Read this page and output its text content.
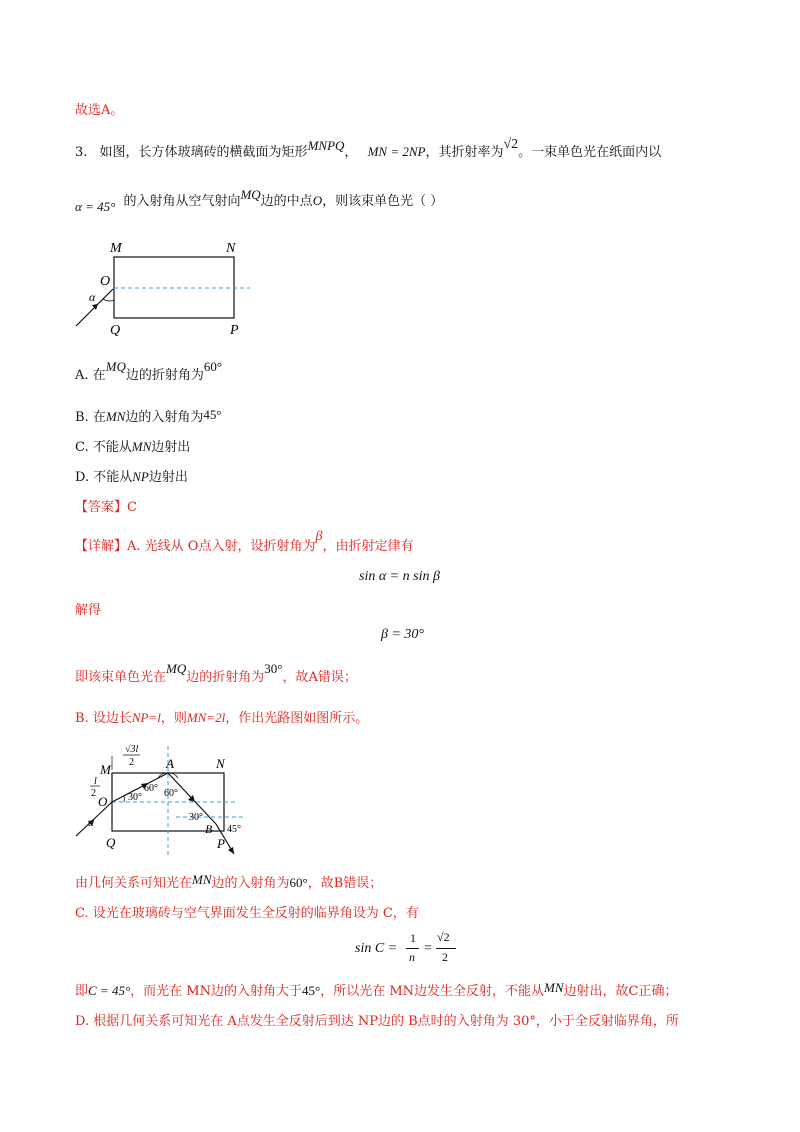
故选A。
3. 如图，长方体玻璃砖的横截面为矩形MNPQ， MN = 2NP，其折射率为√2。一束单色光在纸面内以
α = 45° 的入射角从空气射向MQ边的中点O，则该束单色光（ ）
M	N
O
α
Q	P
A. 在MQ边的折射角为60°
B. 在MN边的入射角为45°
C. 不能从MN边射出
D. 不能从NP边射出
【答案】C
【详解】A. 光线从 O点入射，设折射角为β，由折射定律有
sin α = n sin β
解得
β = 30°
即该束单色光在MQ边的折射角为30°，故A错误；
B. 设边长NP=l，则MN=2l，作出光路图如图所示。
√3l
2
l
2
M	A	N
O
α
Q	P
B
30°
60° 60°
30°
45°
由几何关系可知光在MN边的入射角为60°，故B错误；
C. 设光在玻璃砖与空气界面发生全反射的临界角设为 C，有
sin C =
1
n
=
√2
2
即C = 45°，而光在 MN边的入射角大于45°，所以光在 MN边发生全反射，不能从MN边射出，故C正确；
D. 根据几何关系可知光在 A点发生全反射后到达 NP边的 B点时的入射角为 30°，小于全反射临界角，所
